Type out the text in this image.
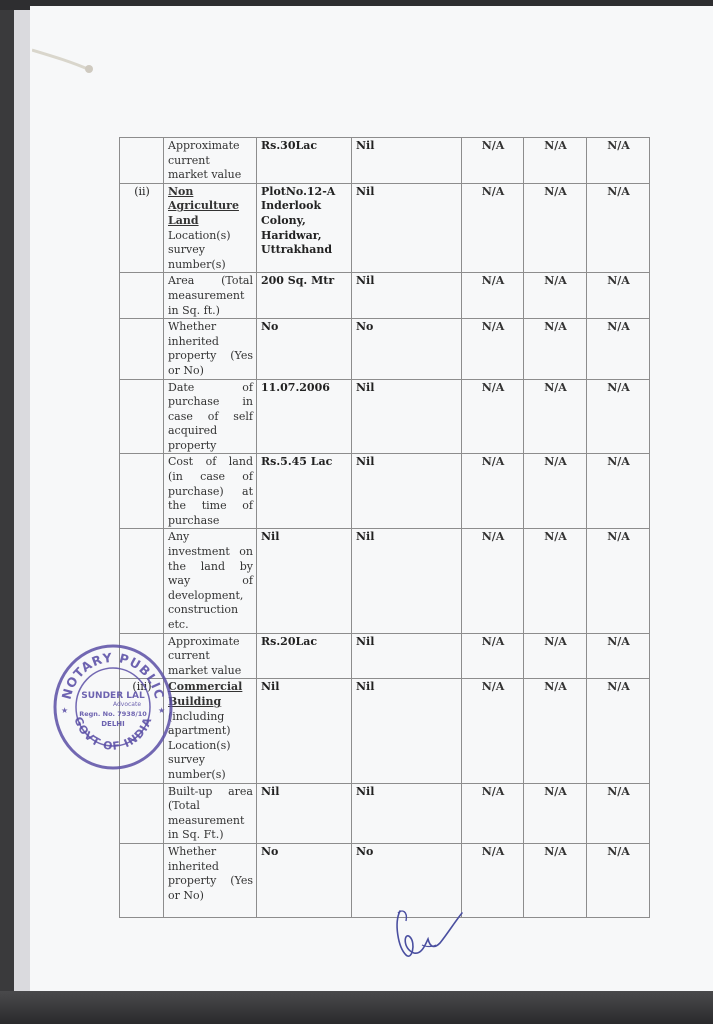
	Approximate current market value	Rs.30Lac	Nil	N/A	N/A	N/A
(ii)	Non Agriculture Land Location(s) survey number(s)	PlotNo.12-A Inderlook Colony, Haridwar, Uttrakhand	Nil	N/A	N/A	N/A
	Area (Total measurement in Sq. ft.)	200 Sq. Mtr	Nil	N/A	N/A	N/A
	Whether inherited property (Yes or No)	No	No	N/A	N/A	N/A
	Date of purchase in case of self acquired property	11.07.2006	Nil	N/A	N/A	N/A
	Cost of land (in case of purchase) at the time of purchase	Rs.5.45 Lac	Nil	N/A	N/A	N/A
	Any investment on the land by way of development, construction etc.	Nil	Nil	N/A	N/A	N/A
	Approximate current market value	Rs.20Lac	Nil	N/A	N/A	N/A
(iii)	Commercial Building (including apartment) Location(s) survey number(s)	Nil	Nil	N/A	N/A	N/A
	Built-up area (Total measurement in Sq. Ft.)	Nil	Nil	N/A	N/A	N/A
	Whether inherited property (Yes or No)	No	No	N/A	N/A	N/A
NOTARY PUBLIC
GOVT OF INDIA
SUNDER LAL
Advocate
Regn. No. 7938/10
DELHI
★	★
